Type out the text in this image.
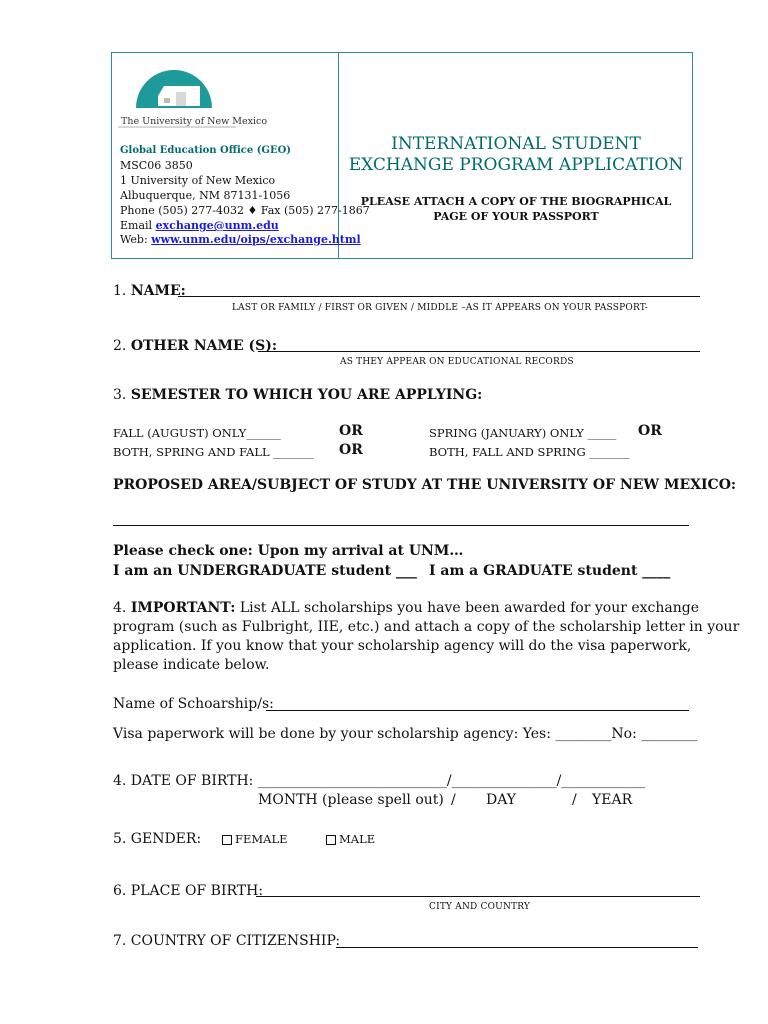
The University of New Mexico
Global Education Office (GEO)
MSC06 3850
1 University of New Mexico
Albuquerque, NM 87131-1056
Phone (505) 277-4032 ♦ Fax (505) 277-1867
Email exchange@unm.edu
Web: www.unm.edu/oips/exchange.html
INTERNATIONAL STUDENT
EXCHANGE PROGRAM APPLICATION
PLEASE ATTACH A COPY OF THE BIOGRAPHICAL
PAGE OF YOUR PASSPORT
1. NAME:
LAST OR FAMILY / FIRST OR GIVEN / MIDDLE –AS IT APPEARS ON YOUR PASSPORT-
2. OTHER NAME (S):
AS THEY APPEAR ON EDUCATIONAL RECORDS
3. SEMESTER TO WHICH YOU ARE APPLYING:
FALL (AUGUST) ONLY______	OR	SPRING (JANUARY) ONLY _____ OR
BOTH, SPRING AND FALL _______ OR	BOTH, FALL AND SPRING _______
PROPOSED AREA/SUBJECT OF STUDY AT THE UNIVERSITY OF NEW MEXICO:
Please check one: Upon my arrival at UNM…
I am an UNDERGRADUATE student ___ I am a GRADUATE student ____
4. IMPORTANT: List ALL scholarships you have been awarded for your exchange
program (such as Fulbright, IIE, etc.) and attach a copy of the scholarship letter in your
application. If you know that your scholarship agency will do the visa paperwork,
please indicate below.
Name of Schoarship/s:
Visa paperwork will be done by your scholarship agency: Yes: ________No: ________
4. DATE OF BIRTH: ___________________________/_______________/____________
MONTH (please spell out) / DAY	/ YEAR
5. GENDER:	FEMALE	MALE
6. PLACE OF BIRTH:
CITY AND COUNTRY
7. COUNTRY OF CITIZENSHIP:
